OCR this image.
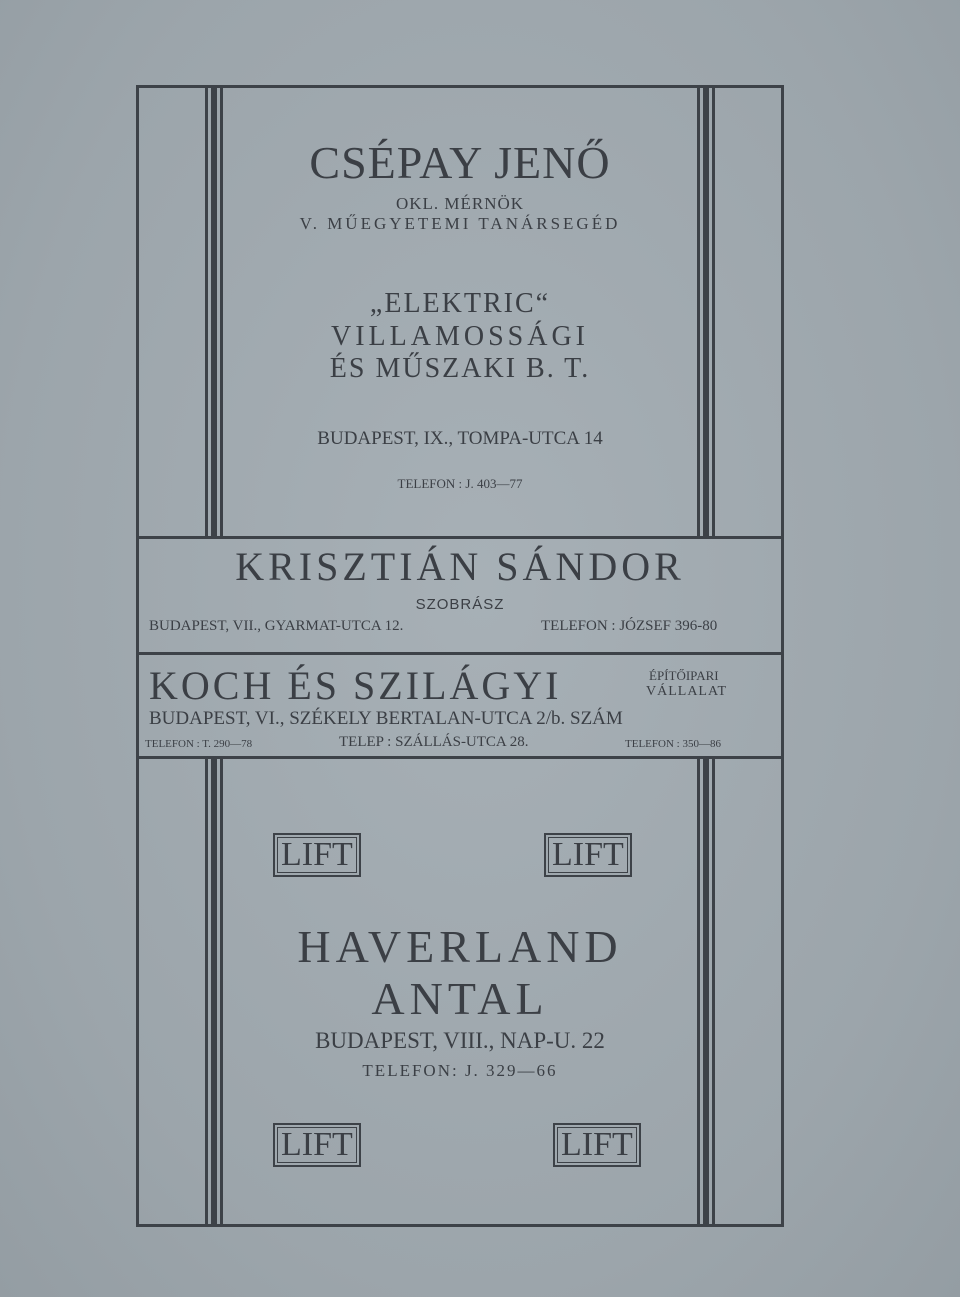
CSÉPAY JENŐ
OKL. MÉRNÖK
V. MŰEGYETEMI TANÁRSEGÉD
„ELEKTRIC“
VILLAMOSSÁGI
ÉS MŰSZAKI B. T.
BUDAPEST, IX., TOMPA-UTCA 14
TELEFON : J. 403—77
KRISZTIÁN SÁNDOR
SZOBRÁSZ
BUDAPEST, VII., GYARMAT-UTCA 12.	TELEFON : JÓZSEF 396-80
KOCH ÉS SZILÁGYI	ÉPÍTŐIPARI
VÁLLALAT
BUDAPEST, VI., SZÉKELY BERTALAN-UTCA 2/b. SZÁM
TELEFON : T. 290—78	TELEP : SZÁLLÁS-UTCA 28.	TELEFON : 350—86
LIFT	LIFT
HAVERLAND
ANTAL
BUDAPEST, VIII., NAP-U. 22
TELEFON: J. 329—66
LIFT	LIFT
